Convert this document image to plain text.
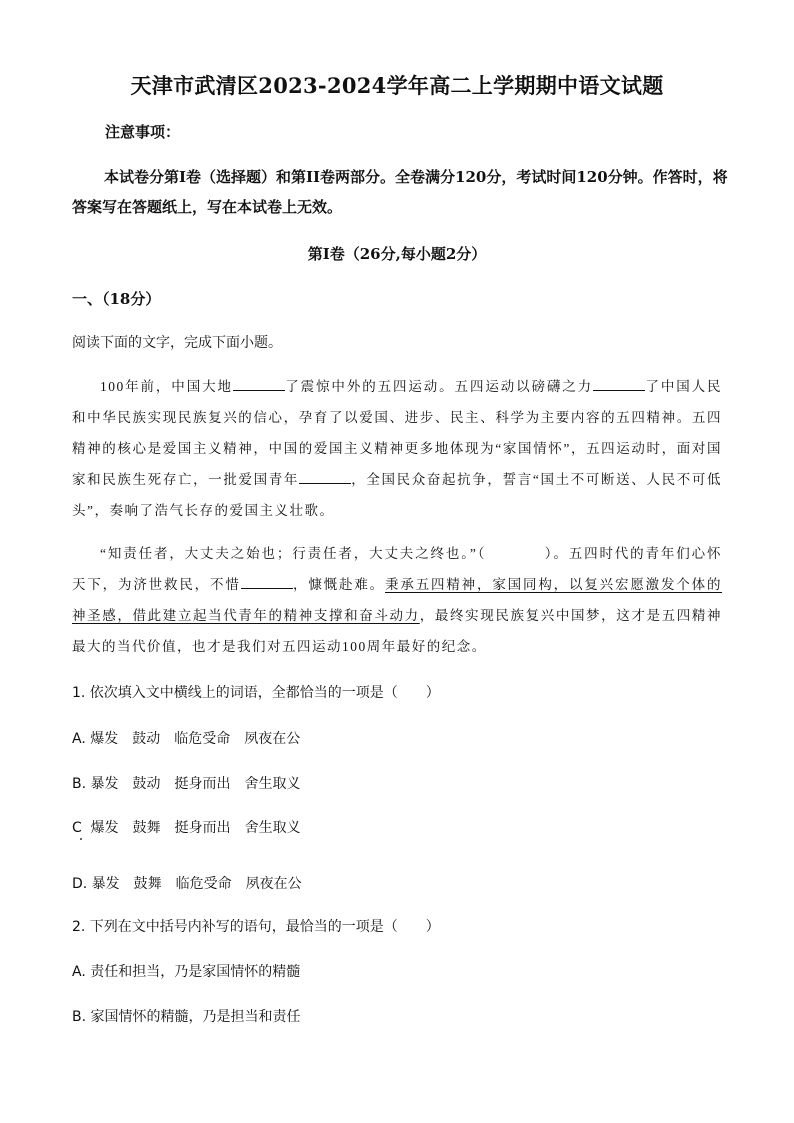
天津市武清区2023-2024学年高二上学期期中语文试题
注意事项：
本试卷分第Ⅰ卷（选择题）和第II卷两部分。全卷满分120分，考试时间120分钟。作答时，将答案写在答题纸上，写在本试卷上无效。
第Ⅰ卷（26分,每小题2分）
一、（18分）
阅读下面的文字，完成下面小题。
100年前，中国大地	了震惊中外的五四运动。五四运动以磅礴之力	了中国人民和中华民族实现民族复兴的信心，孕育了以爱国、进步、民主、科学为主要内容的五四精神。五四精神的核心是爱国主义精神，中国的爱国主义精神更多地体现为“家国情怀”，五四运动时，面对国家和民族生死存亡，一批爱国青年	，全国民众奋起抗争，誓言“国土不可断送、人民不可低头”，奏响了浩气长存的爱国主义壮歌。
“知责任者，大丈夫之始也；行责任者，大丈夫之终也。”（	）。五四时代的青年们心怀天下，为济世救民，不惜	，慷慨赴难。秉承五四精神，家国同构，以复兴宏愿激发个体的神圣感，借此建立起当代青年的精神支撑和奋斗动力，最终实现民族复兴中国梦，这才是五四精神最大的当代价值，也才是我们对五四运动100周年最好的纪念。
1. 依次填入文中横线上的词语，全都恰当的一项是（　　）
A. 爆发　鼓动　临危受命　夙夜在公
B. 暴发　鼓动　挺身而出　舍生取义
C  爆发　鼓舞　挺身而出　舍生取义
D. 暴发　鼓舞　临危受命　夙夜在公
2. 下列在文中括号内补写的语句，最恰当的一项是（　　）
A. 责任和担当，乃是家国情怀的精髓
B. 家国情怀的精髓，乃是担当和责任
